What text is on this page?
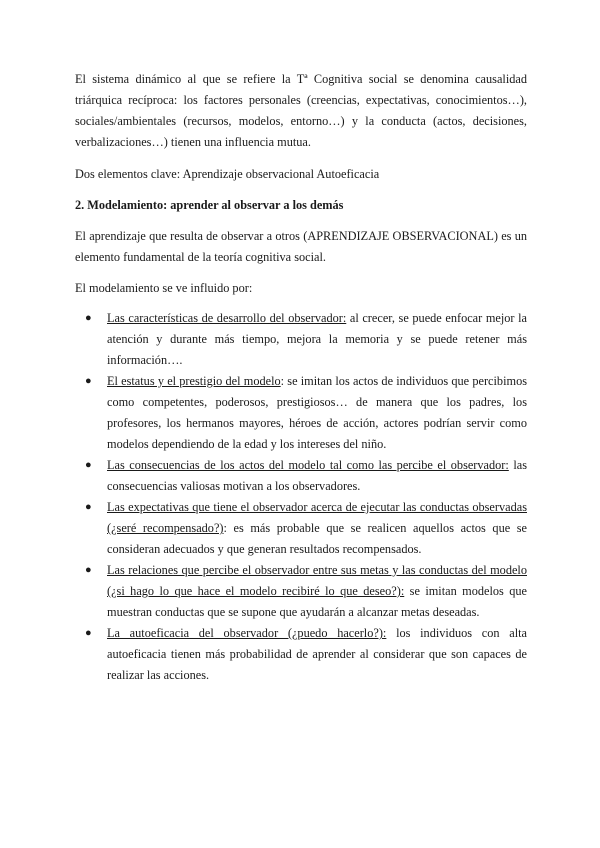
El sistema dinámico al que se refiere la Tª Cognitiva social se denomina causalidad triárquica recíproca: los factores personales (creencias, expectativas, conocimientos…), sociales/ambientales (recursos, modelos, entorno…) y la conducta (actos, decisiones, verbalizaciones…) tienen una influencia mutua.

Dos elementos clave: Aprendizaje observacional Autoeficacia

2. Modelamiento: aprender al observar a los demás

El aprendizaje que resulta de observar a otros (APRENDIZAJE OBSERVACIONAL) es un elemento fundamental de la teoría cognitiva social.

El modelamiento se ve influido por:

● Las características de desarrollo del observador: al crecer, se puede enfocar mejor la atención y durante más tiempo, mejora la memoria y se puede retener más información….
● El estatus y el prestigio del modelo: se imitan los actos de individuos que percibimos como competentes, poderosos, prestigiosos… de manera que los padres, los profesores, los hermanos mayores, héroes de acción, actores podrían servir como modelos dependiendo de la edad y los intereses del niño.
● Las consecuencias de los actos del modelo tal como las percibe el observador: las consecuencias valiosas motivan a los observadores.
● Las expectativas que tiene el observador acerca de ejecutar las conductas observadas (¿seré recompensado?): es más probable que se realicen aquellos actos que se consideran adecuados y que generan resultados recompensados.
● Las relaciones que percibe el observador entre sus metas y las conductas del modelo (¿si hago lo que hace el modelo recibiré lo que deseo?): se imitan modelos que muestran conductas que se supone que ayudarán a alcanzar metas deseadas.
● La autoeficacia del observador (¿puedo hacerlo?): los individuos con alta autoeficacia tienen más probabilidad de aprender al considerar que son capaces de realizar las acciones.
